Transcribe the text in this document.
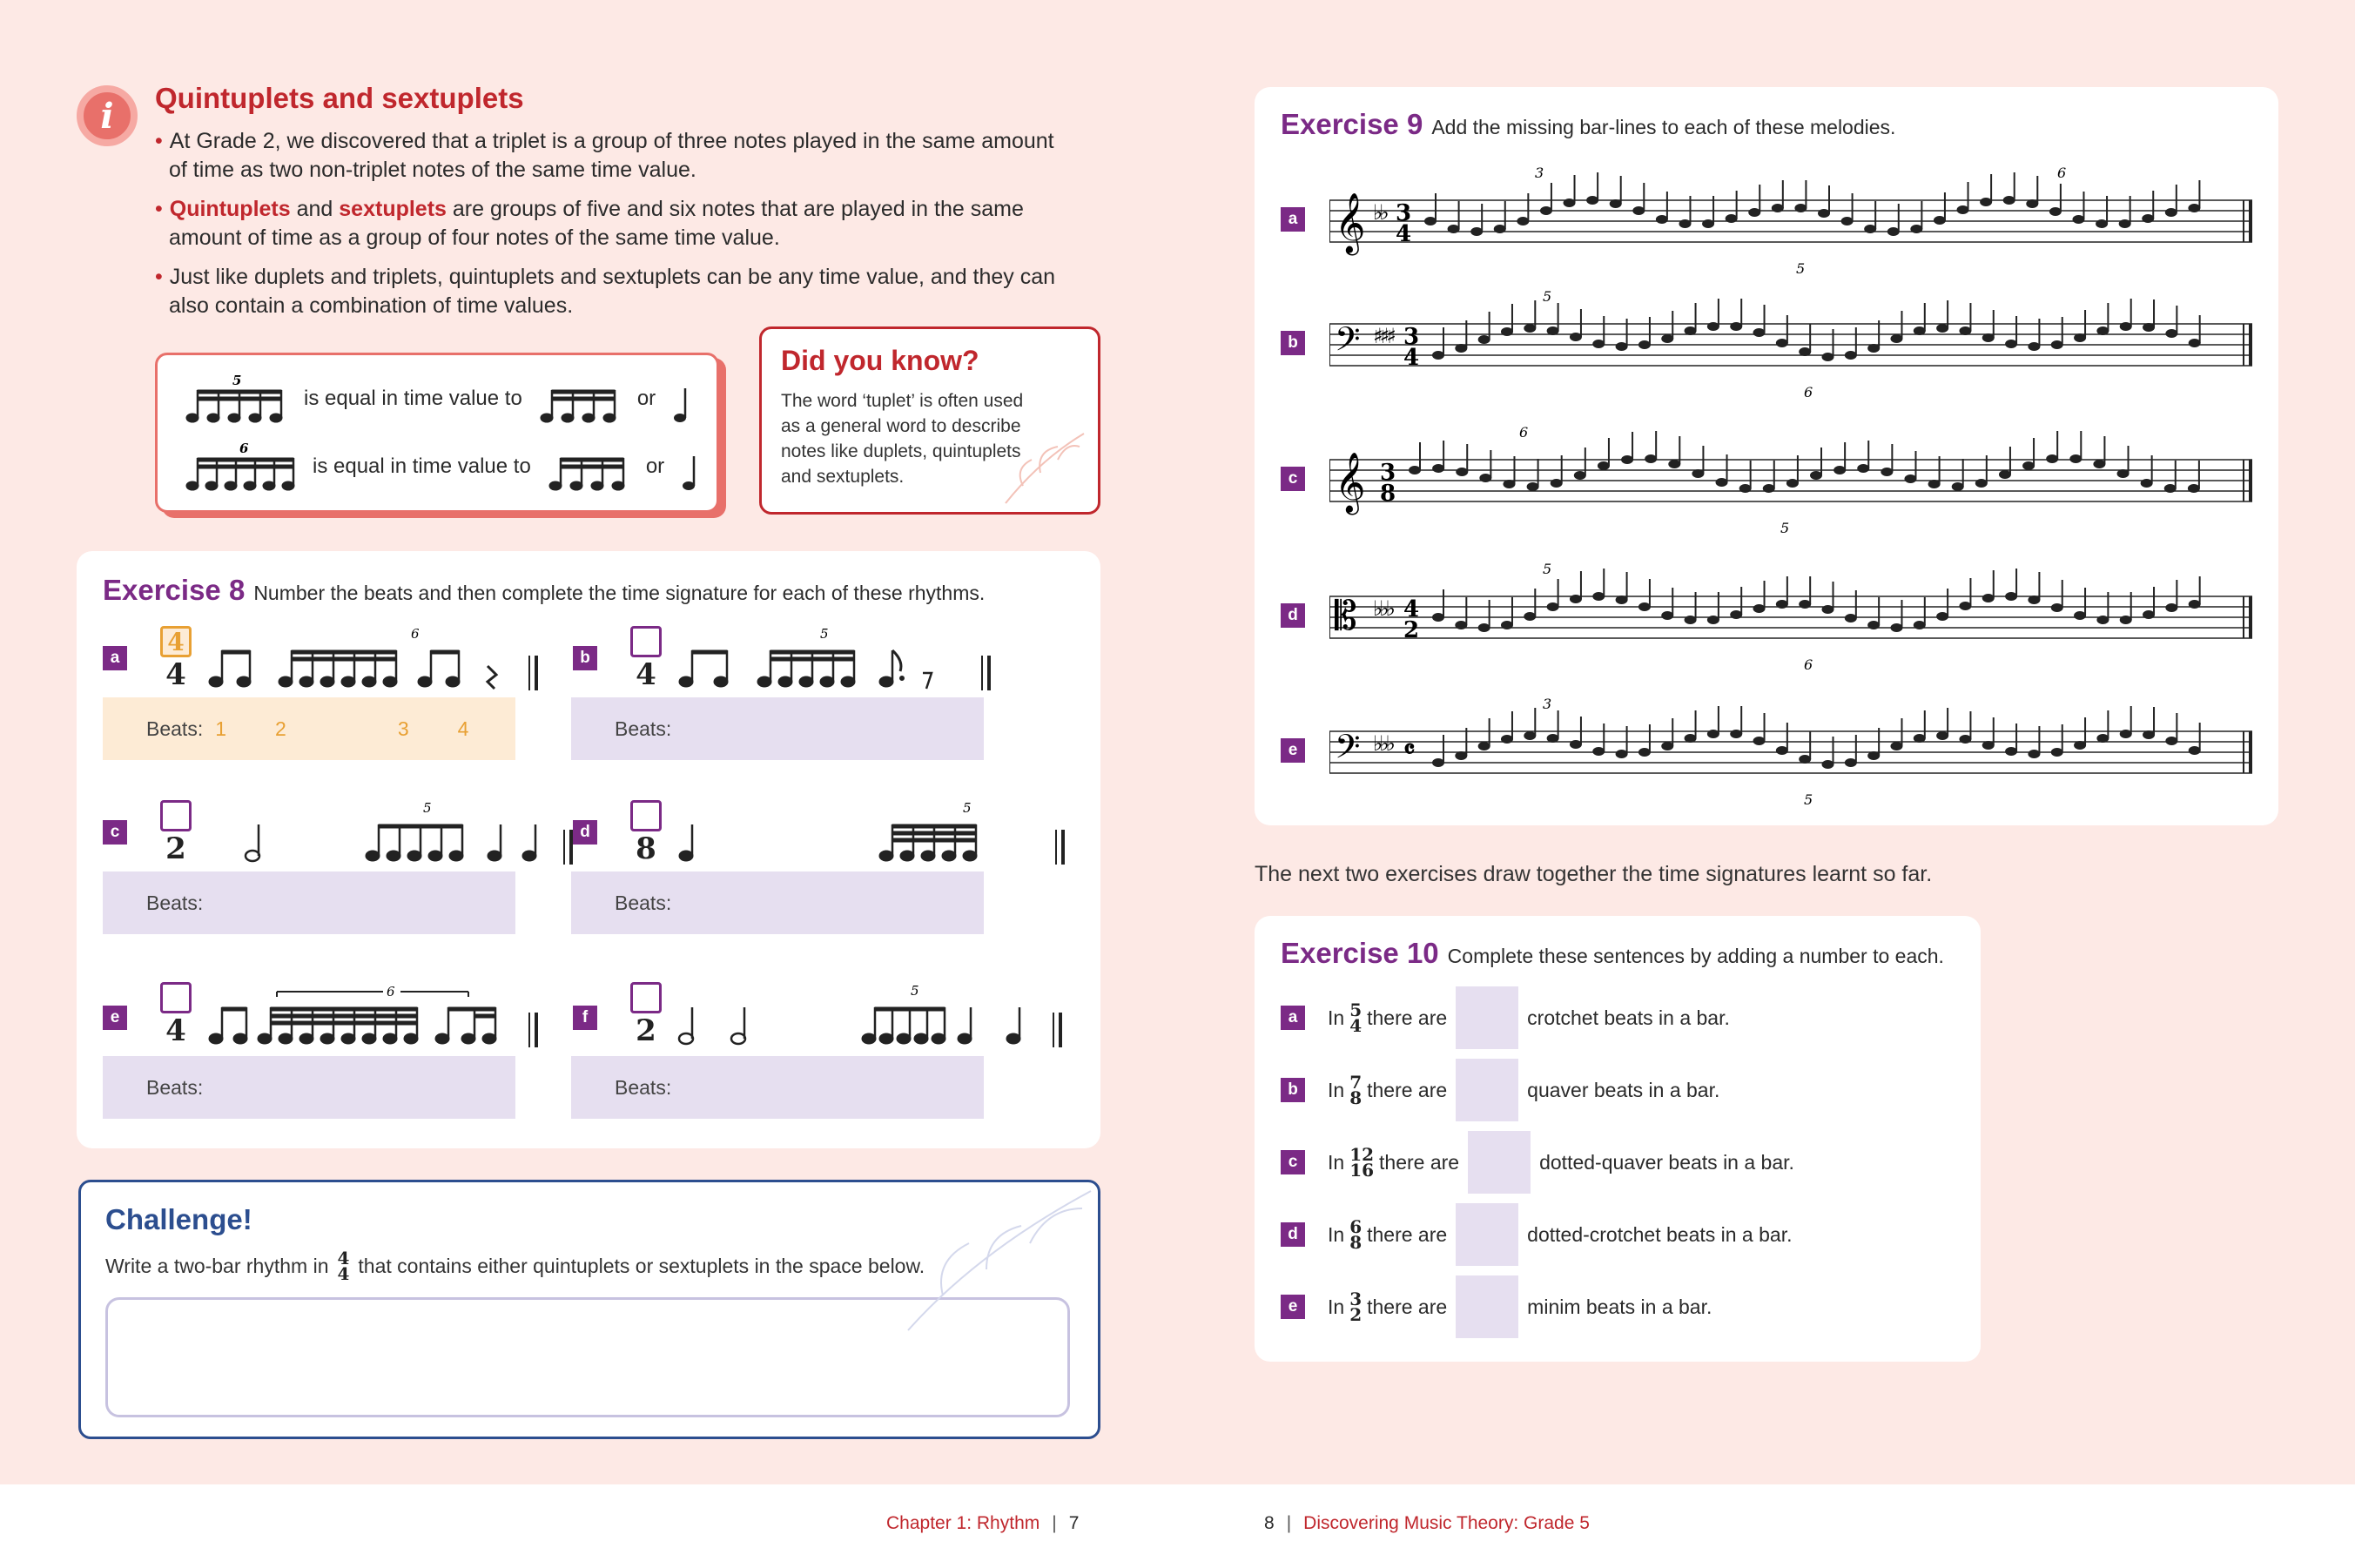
i Quintuplets and sextuplets
• At Grade 2, we discovered that a triplet is a group of three notes played in the same amount
of time as two non-triplet notes of the same time value.
• Quintuplets and sextuplets are groups of five and six notes that are played in the same
amount of time as a group of four notes of the same time value.
• Just like duplets and triplets, quintuplets and sextuplets can be any time value, and they can
also contain a combination of time values.
5
is equal in time value to	or
6
is equal in time value to	or
Did you know?
The word ‘tuplet’ is often used
as a general word to describe
notes like duplets, quintuplets
and sextuplets.
Exercise 8 Number the beats and then complete the time signature for each of these rhythms.
a
4
4
6
Beats: 1 2	3 4
b 4
5
Beats:
c 2
5
Beats:
d 8
5
Beats:
e 4
6
Beats:
f	2
5
Beats:
Challenge!
Write a two-bar rhythm in 4
4 that contains either quintuplets or sextuplets in the space below.
Chapter 1: Rhythm | 7
Exercise 9 Add the missing bar-lines to each of these melodies.
a 𝄞 ♭♭ 3
4
3
5
6
b 𝄢 ♯♯♯ 3
4
5
6
c 𝄞 3
8
6
5
d 𝄡 ♭♭♭ 4
2
5
6
e 𝄢 ♭♭♭ 𝄴
3
5
The next two exercises draw together the time signatures learnt so far.
Exercise 10 Complete these sentences by adding a number to each.
a	In 5
4 there are	crotchet beats in a bar.
b	In 7
8 there are	quaver beats in a bar.
c	In 12
16 there are	dotted-quaver beats in a bar.
d	In 6
8 there are	dotted-crotchet beats in a bar.
e	In 3
2 there are	minim beats in a bar.
8 | Discovering Music Theory: Grade 5
